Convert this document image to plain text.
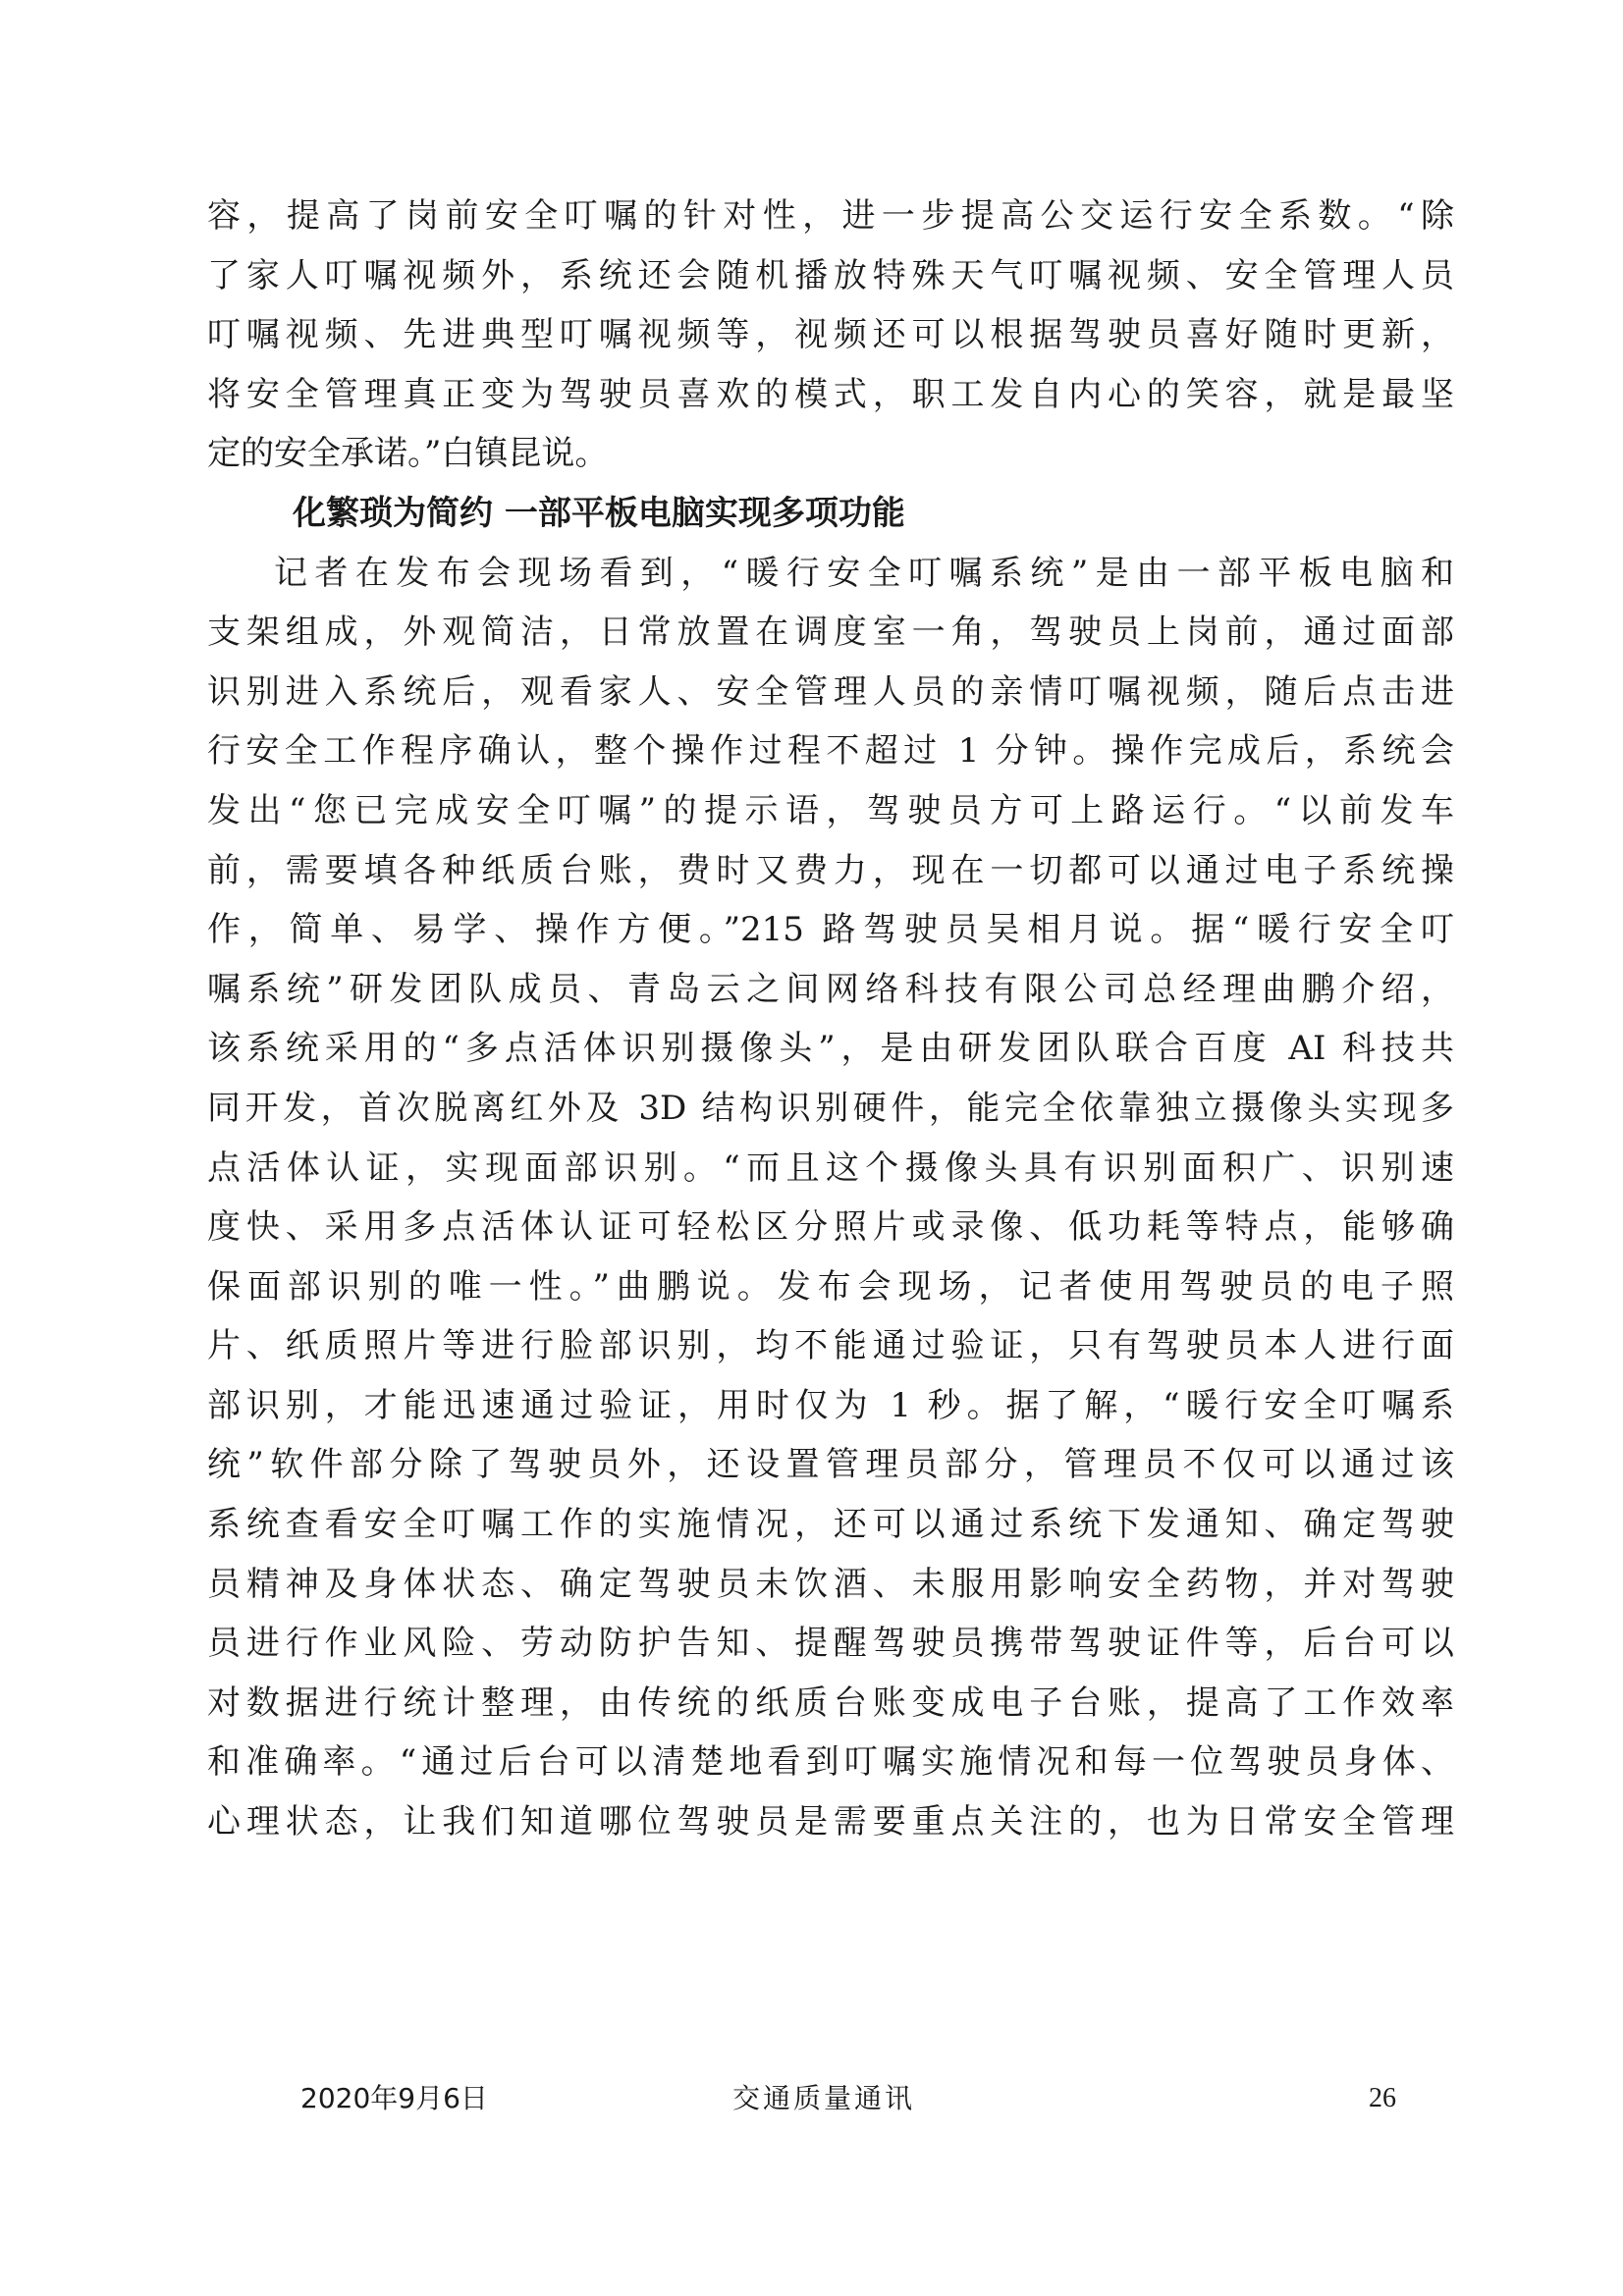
容，提高了岗前安全叮嘱的针对性，进一步提高公交运行安全系数。“除
了家人叮嘱视频外，系统还会随机播放特殊天气叮嘱视频、安全管理人员
叮嘱视频、先进典型叮嘱视频等，视频还可以根据驾驶员喜好随时更新，
将安全管理真正变为驾驶员喜欢的模式，职工发自内心的笑容，就是最坚
定的安全承诺。”白镇昆说。
化繁琐为简约 一部平板电脑实现多项功能
记者在发布会现场看到，“暖行安全叮嘱系统”是由一部平板电脑和
支架组成，外观简洁，日常放置在调度室一角，驾驶员上岗前，通过面部
识别进入系统后，观看家人、安全管理人员的亲情叮嘱视频，随后点击进
行安全工作程序确认，整个操作过程不超过 1 分钟。操作完成后，系统会
发出“您已完成安全叮嘱”的提示语，驾驶员方可上路运行。“以前发车
前，需要填各种纸质台账，费时又费力，现在一切都可以通过电子系统操
作，简单、易学、操作方便。”215 路驾驶员吴相月说。据“暖行安全叮
嘱系统”研发团队成员、青岛云之间网络科技有限公司总经理曲鹏介绍，
该系统采用的“多点活体识别摄像头”，是由研发团队联合百度 AI 科技共
同开发，首次脱离红外及 3D 结构识别硬件，能完全依靠独立摄像头实现多
点活体认证，实现面部识别。“而且这个摄像头具有识别面积广、识别速
度快、采用多点活体认证可轻松区分照片或录像、低功耗等特点，能够确
保面部识别的唯一性。”曲鹏说。发布会现场，记者使用驾驶员的电子照
片、纸质照片等进行脸部识别，均不能通过验证，只有驾驶员本人进行面
部识别，才能迅速通过验证，用时仅为 1 秒。据了解，“暖行安全叮嘱系
统”软件部分除了驾驶员外，还设置管理员部分，管理员不仅可以通过该
系统查看安全叮嘱工作的实施情况，还可以通过系统下发通知、确定驾驶
员精神及身体状态、确定驾驶员未饮酒、未服用影响安全药物，并对驾驶
员进行作业风险、劳动防护告知、提醒驾驶员携带驾驶证件等，后台可以
对数据进行统计整理，由传统的纸质台账变成电子台账，提高了工作效率
和准确率。“通过后台可以清楚地看到叮嘱实施情况和每一位驾驶员身体、
心理状态，让我们知道哪位驾驶员是需要重点关注的，也为日常安全管理
2020年9月6日	交通质量通讯	26
